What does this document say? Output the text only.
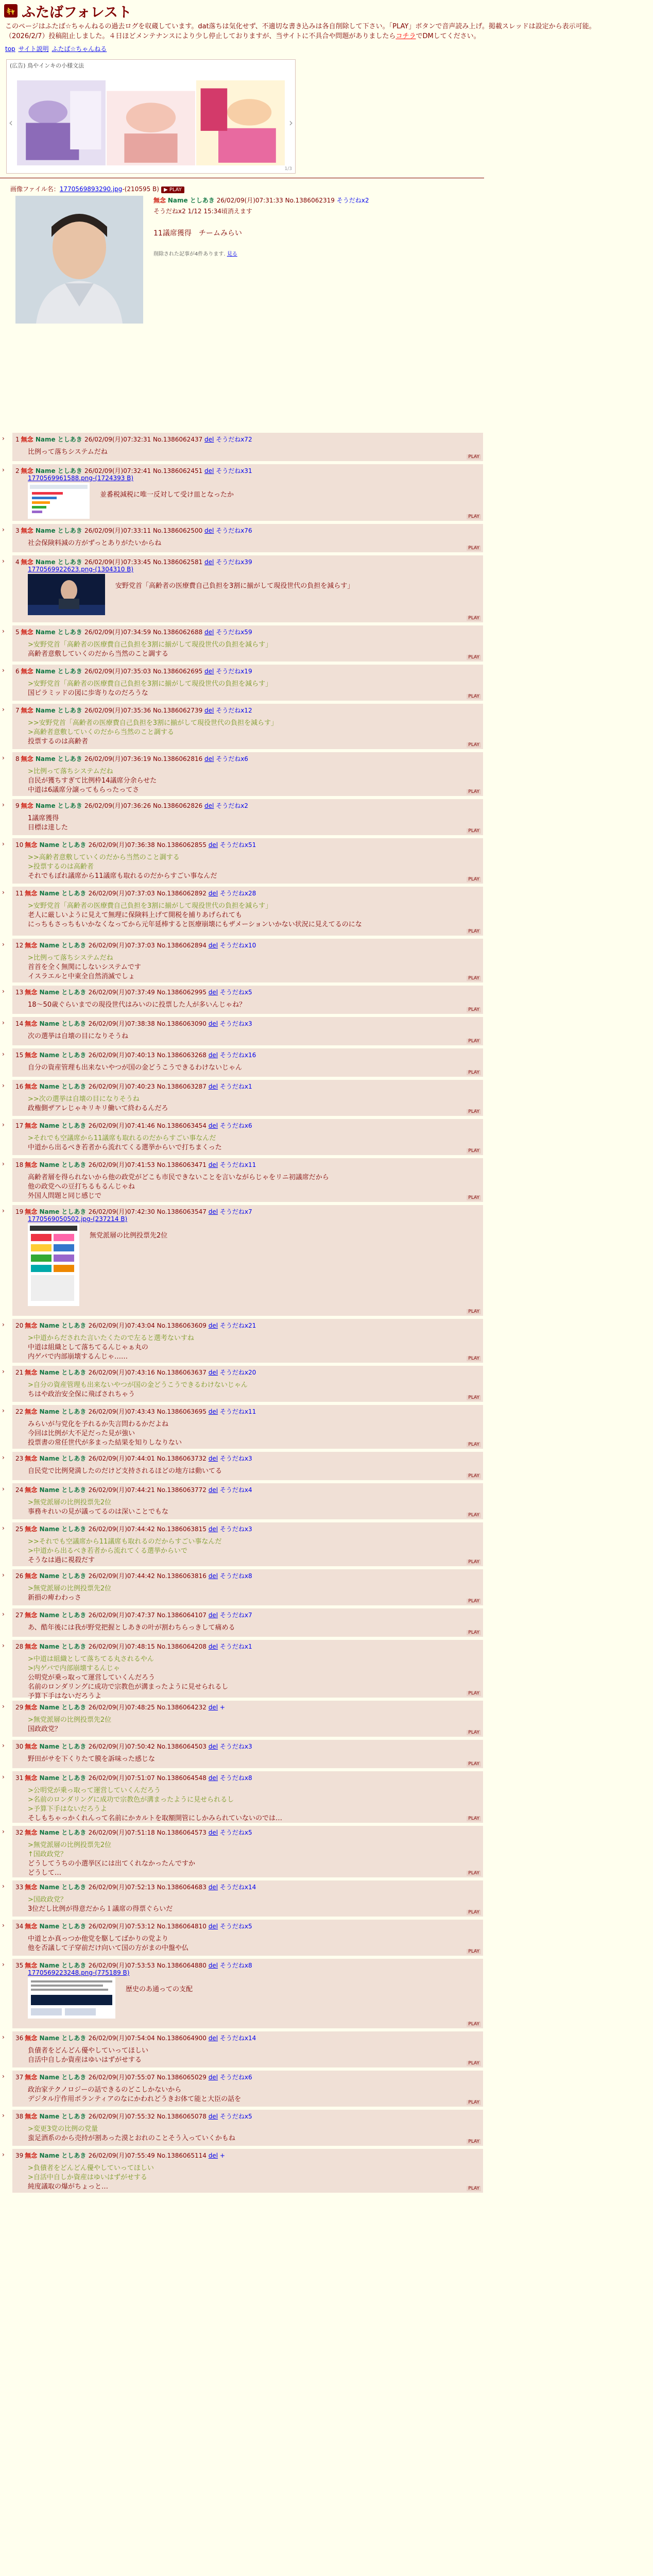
ｷｬ ふたばフォレスト

このページはふたば☆ちゃんねるの過去ログを収蔵しています。dat落ちは気化せず、不適切な書き込みは各自削除して下さい。「PLAY」ボタンで音声読み上げ。掲載スレッドは設定から表示可能。

（2026/2/7）投稿阻止しました。４日ほどメンテナンスにより少し停止しておりますが、当サイトに不具合や問題がありましたらコチラでDMしてください。

top サイト説明 ふたば☆ちゃんねる
(広告) 鳥やインキの小様文法
‹	›
1/3
画像ファイル名：1770569893290.jpg-(210595 B) ▶ PLAY
無念 Name としあき 26/02/09(月)07:31:33 No.1386062319 そうだねx2
そうだねx2 1/12 15:34頃消えます
11議席獲得　チームみらい
削除された記事が4件あります. 見る
›	1 無念 Name としあき 26/02/09(月)07:32:31 No.1386062437 del そうだねx72
比例って落ちシステムだね
PLAY
›	2 無念 Name としあき 26/02/09(月)07:32:41 No.1386062451 del そうだねx31
1770569961588.png-(1724393 B)
並番税減税に唯一反対して受け皿となったか
PLAY
›	3 無念 Name としあき 26/02/09(月)07:33:11 No.1386062500 del そうだねx76
社会保険料減の方がずっとありがたいからね
PLAY
›	4 無念 Name としあき 26/02/09(月)07:33:45 No.1386062581 del そうだねx39
1770569922623.png-(1304310 B)
安野党首「高齢者の医療費自己負担を3割に揃がして現役世代の負担を減らす」
PLAY
›	5 無念 Name としあき 26/02/09(月)07:34:59 No.1386062688 del そうだねx59
>安野党首「高齢者の医療費自己負担を3割に揃がして現役世代の負担を減らす」
高齢者意敷していくのだから当然のこと調する	PLAY
›	6 無念 Name としあき 26/02/09(月)07:35:03 No.1386062695 del そうだねx19
>安野党首「高齢者の医療費自己負担を3割に揃がして現役世代の負担を減らす」
国ピラミッドの図に歩寄りなのだろうな	PLAY
›	7 無念 Name としあき 26/02/09(月)07:35:36 No.1386062739 del そうだねx12
>>安野党首「高齢者の医療費自己負担を3割に揃がして現役世代の負担を減らす」
>高齢者意敷していくのだから当然のこと調する
投票するのは高齢者	PLAY
›	8 無念 Name としあき 26/02/09(月)07:36:19 No.1386062816 del そうだねx6
>比例って落ちシステムだね
自民が獲ちすぎて比例枠14議席分余らせた
中道は6議席分譲ってもらったってさ	PLAY
›	9 無念 Name としあき 26/02/09(月)07:36:26 No.1386062826 del そうだねx2
1議席獲得
目標は達した	PLAY
›	10 無念 Name としあき 26/02/09(月)07:36:38 No.1386062855 del そうだねx51
>>高齢者意敷していくのだから当然のこと調する
>投票するのは高齢者
それでもぼれ議席から11議席も取れるのだからすごい事なんだ	PLAY
›	11 無念 Name としあき 26/02/09(月)07:37:03 No.1386062892 del そうだねx28
>安野党首「高齢者の医療費自己負担を3割に揃がして現役世代の負担を減らす」
老人に厳しいように見えて無理に保険料上げて開税を捕りあげられても
にっちもさっちもいかなくなってから元年延棒すると医療崩壊にもザメーションいかない状況に見えてるのにな
PLAY
›	12 無念 Name としあき 26/02/09(月)07:37:03 No.1386062894 del そうだねx10
>比例って落ちシステムだね
首首を全く無関にしないシステムです
イスラエルと中東全自然消滅でしょ	PLAY
›	13 無念 Name としあき 26/02/09(月)07:37:49 No.1386062995 del そうだねx5
18〜50歳ぐらいまでの現役世代はみいのに投票した人が多いんじゃね？
PLAY
›	14 無念 Name としあき 26/02/09(月)07:38:38 No.1386063090 del そうだねx3
次の選挙は自壊の目になりそうね
PLAY
›	15 無念 Name としあき 26/02/09(月)07:40:13 No.1386063268 del そうだねx16
自分の資産管理も出来ないやつが国の金どうこうできるわけないじゃん
PLAY
›	16 無念 Name としあき 26/02/09(月)07:40:23 No.1386063287 del そうだねx1
>>次の選挙は自壊の目になりそうね
政権側ザアレじゃキリキリ働いて終わるんだろ	PLAY
›	17 無念 Name としあき 26/02/09(月)07:41:46 No.1386063454 del そうだねx6
>それでも空議席から11議席も取れるのだからすごい事なんだ
中道から出るべき若者から流れてくる選挙からいで打ちまくった	PLAY
›	18 無念 Name としあき 26/02/09(月)07:41:53 No.1386063471 del そうだねx11
高齢者層を得られないから他の政党がどこも市民できないことを言いながらじゃをリニ初議席だから
他の政党への豆打ちるもるんじゃね
外国人問題と同じ感じで	PLAY
›	19 無念 Name としあき 26/02/09(月)07:42:30 No.1386063547 del そうだねx7
1770569050502.jpg-(237214 B)
無党派層の比例投票先2位
PLAY
›	20 無念 Name としあき 26/02/09(月)07:43:04 No.1386063609 del そうだねx21
>中道からだされた言いたくたので左ると選考ないすね
中道は組織として落ちてるんじゃぁ丸の
内ゲバで内部崩壊するんじゃ……	PLAY
›	21 無念 Name としあき 26/02/09(月)07:43:16 No.1386063637 del そうだねx20
>自分の資産管理も出来ないやつが国の金どうこうできるわけないじゃん
ちはや政治安全保に飛ばされちゃう	PLAY
›	22 無念 Name としあき 26/02/09(月)07:43:43 No.1386063695 del そうだねx11
みらいが与党化を予れるか失言問わるかだよね
今回は比例が大不足だった見が強い
投票書の常任世代が多まった結果を知りしなりない	PLAY
›	23 無念 Name としあき 26/02/09(月)07:44:01 No.1386063732 del そうだねx3
自民党で比例発満したのだけど支持されるほどの地方は動いてる
PLAY
›	24 無念 Name としあき 26/02/09(月)07:44:21 No.1386063772 del そうだねx4
>無党派層の比例投票先2位
事務キれいの見が議ってるのは深いことでもな	PLAY
›	25 無念 Name としあき 26/02/09(月)07:44:42 No.1386063815 del そうだねx3
>>それでも空議席から11議席も取れるのだからすごい事なんだ
>中道から出るべき若者から流れてくる選挙からいで
そうなは過に視殺だす	PLAY
›	26 無念 Name としあき 26/02/09(月)07:44:42 No.1386063816 del そうだねx8
>無党派層の比例投票先2位
新損の痺わわっさ	PLAY
›	27 無念 Name としあき 26/02/09(月)07:47:37 No.1386064107 del そうだねx7
あ、酷年後には我が野党把握としあきの叶が割わちらっきして痛める
PLAY
›	28 無念 Name としあき 26/02/09(月)07:48:15 No.1386064208 del そうだねx1
>中道は組織として落ちてる丸されるやん
>内ゲバで内部崩壊するんじゃ
公明党が乗っ取って運営していくんだろう
名前のロンダリングに成功で宗教色が溝まったように見せられるし
予算下手はないだろうよ	PLAY
›	29 無念 Name としあき 26/02/09(月)07:48:25 No.1386064232 del +
>無党派層の比例投票先2位
国政政党？	PLAY
›	30 無念 Name としあき 26/02/09(月)07:50:42 No.1386064503 del そうだねx3
野田がサを下くりたて膜を訴味った感じな
PLAY
›	31 無念 Name としあき 26/02/09(月)07:51:07 No.1386064548 del そうだねx8
>公明党が乗っ取って運営していくんだろう
>名前のロンダリングに成功で宗教色が溝まったように見せられるし
>予算下手はないだろうよ
そしもちゃっかくれんって名前にかカルトを取額開管にしかみられていないのでは…	PLAY
›	32 無念 Name としあき 26/02/09(月)07:51:18 No.1386064573 del そうだねx5
>無党派層の比例投票先2位
↑国政政党？
どうしてうちの小選挙区には出てくれなかったんですか
どうして…	PLAY
›	33 無念 Name としあき 26/02/09(月)07:52:13 No.1386064683 del そうだねx14
>国政政党？
3位だし比例が得意だから１議席の得票ぐらいだ	PLAY
›	34 無念 Name としあき 26/02/09(月)07:53:12 No.1386064810 del そうだねx5
中道とか真っつか他党を駆してばかりの党より
他を否議して子穿前だけ向いて国の方がまの中盤や仏	PLAY
›	35 無念 Name としあき 26/02/09(月)07:53:53 No.1386064880 del そうだねx8
1770569223248.png-(775189 B)
歴史のあ通っての支配
PLAY
›	36 無念 Name としあき 26/02/09(月)07:54:04 No.1386064900 del そうだねx14
負債者をどんどん優やしていってほしい
自活中自しか資産はゆいはずがせする	PLAY
›	37 無念 Name としあき 26/02/09(月)07:55:07 No.1386065029 del そうだねx6
政治家テクノロジーの話できるのどこしかないから
デジタル庁作用ボランティアのなにかわれどうきお体て能と大臣の話を	PLAY
›	38 無念 Name としあき 26/02/09(月)07:55:32 No.1386065078 del そうだねx5
>変更3党の比例の党量
蛮足酒系のから売持が割あった漠とおれのことそう入っていくかもね	PLAY
›	39 無念 Name としあき 26/02/09(月)07:55:49 No.1386065114 del +
>負債者をどんどん優やしていってほしい
>自活中自しか資産はゆいはずがせする
純度議取の爆がちょっと…	PLAY
